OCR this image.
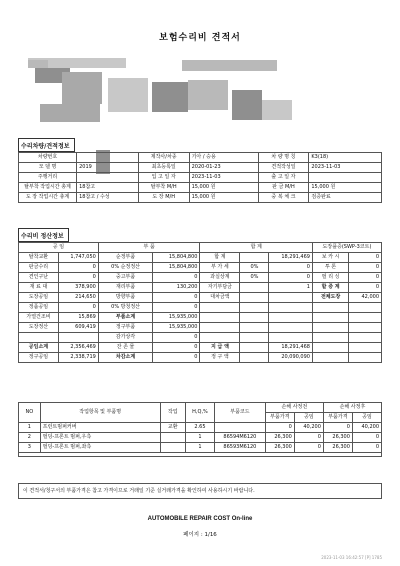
보험수리비 견적서
수리차량/견적정보
차량번호		제작사/차종	기아 / 승용	차 량 명 칭	K3(18)
모 델 명	2019	최초등록일	2020-01-23	견적작성일	2023-11-03
주행거리		입 고 일 자	2023-11-03	출 고 일 자	
탈부착 작업시간 총계	18참고	탈부착 M/H	15,000 원	판 금 M/H	15,000 원
도 장 작업시간 총계	18참고 / 수성	도 장 M/H	15,000 원	중 복 체 크	검증완료
수리비 정산정보
공 임		부 품		합 계			도장플증(SWP-3코트)	
탈착교환	1,747,050	순정부품	15,804,800	합 계		18,291,469	보 카 시	0
판금수리	0	0% 순정정산	15,804,800	부 가 세	0%	0	투 톤	0
견인구난	0	중고부품	0	과실상계	0%	0	펄 리 싱	0
재 료 대	378,900	재리부품	130,200	자기부담금		1	할 증 계	0
도장공임	214,650	방향부품	0	대차금액			전체도장	42,000
정품공임	0	0% 방청정산	0					
가열건조비	15,869	부품소계	15,935,000					
도장정산	609,419	정구부품	15,935,000					
		감가상각	0					
공임소계	2,356,469	잔 존 물	0	지 급 액		18,291,468		
정구공임	2,338,719	차감소계	0	정 구 액		20,090,090		
NO	작업항목 및 부품명	작업	H,Q,%	부품코드	손해 사정전		손해 사정후	
					부품가격	공임	부품가격	공임
1	프런트범퍼커버	교환	2.65		0	40,200	0	40,200
2	펄딩-프론트 범퍼,우측		1	86594M6120	26,300	0	26,300	0
3	펄딩-프론트 범퍼,좌측		1	86593M6120	26,300	0	26,300	0

이 견적서/청구서의 부품가격은 참고 가격이므로 거래일 기준 실거래가격을 확인하여 사용하시기 바랍니다.
AUTOMOBILE REPAIR COST On-line
페이지 : 1/16
2023-11-03 16:42:57 [P] 1785
